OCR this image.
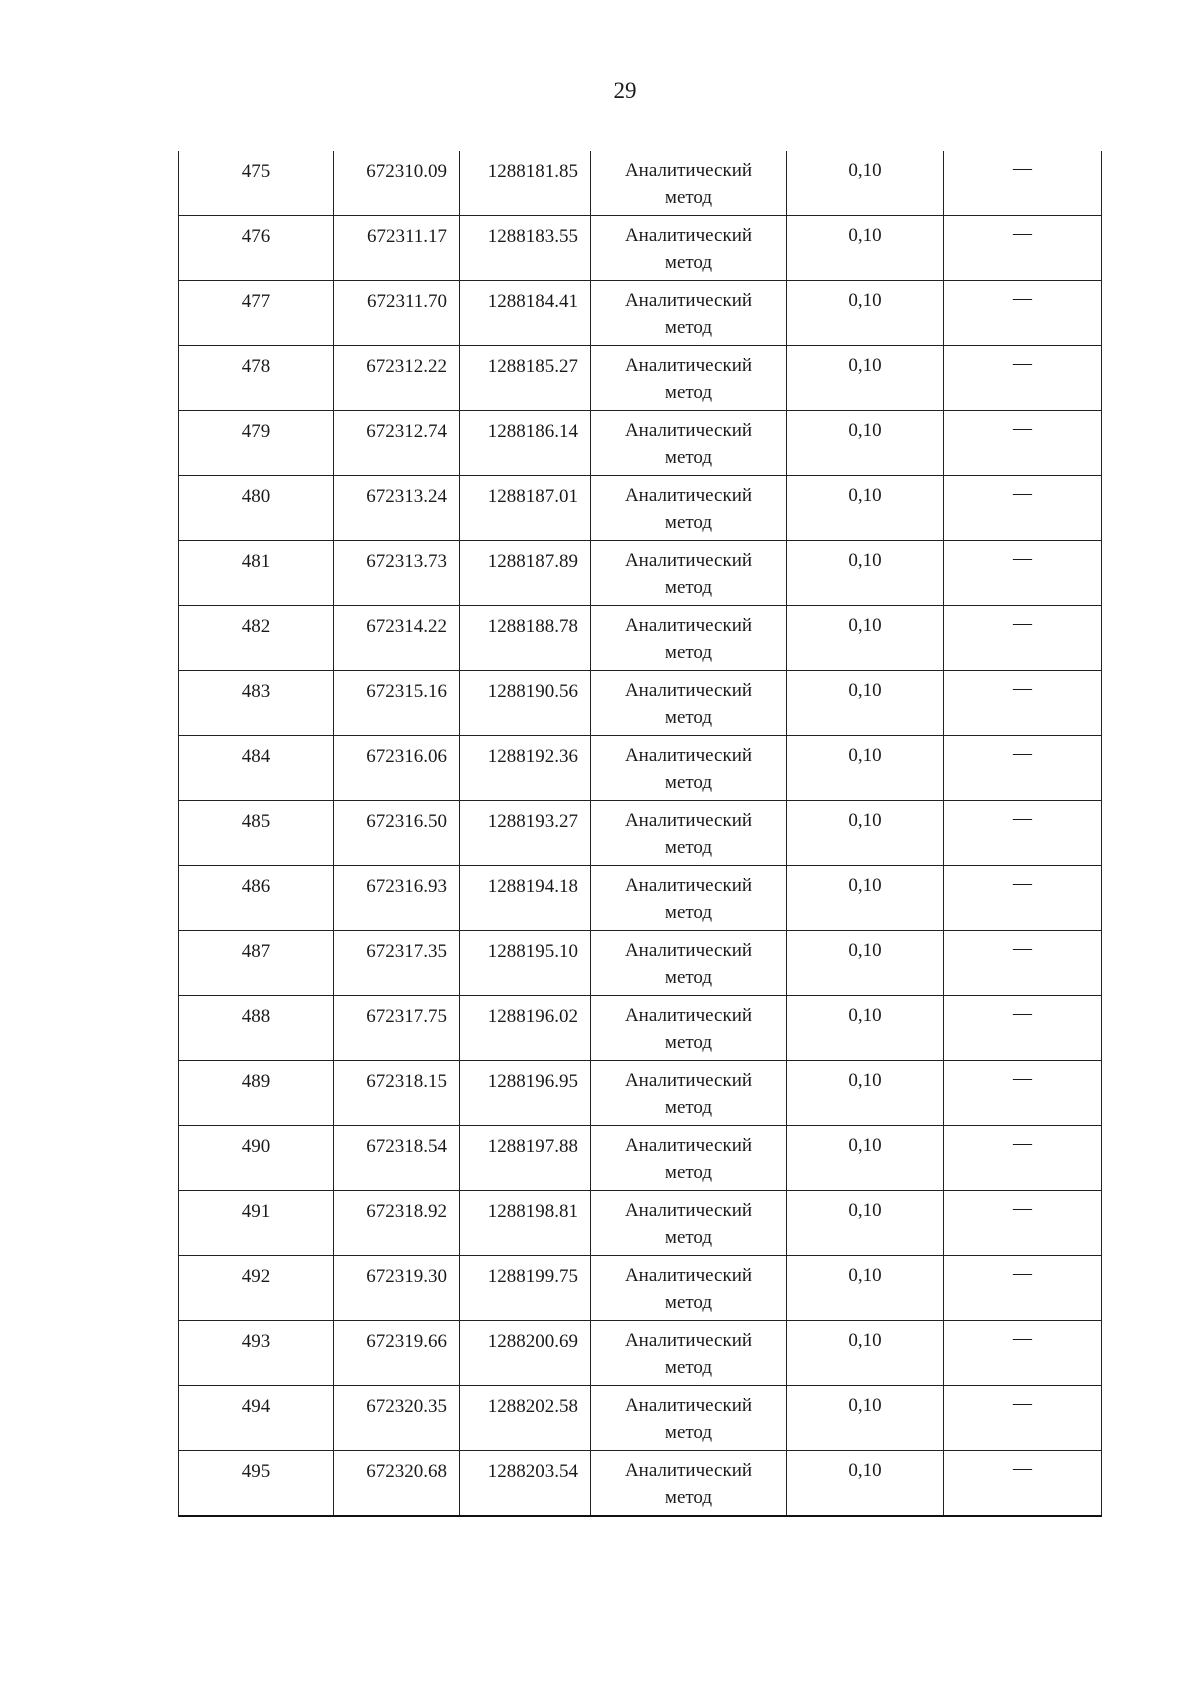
29
475	672310.09	1288181.85	Аналитический
метод	0,10	—

476	672311.17	1288183.55	Аналитический
метод	0,10	—

477	672311.70	1288184.41	Аналитический
метод	0,10	—

478	672312.22	1288185.27	Аналитический
метод	0,10	—

479	672312.74	1288186.14	Аналитический
метод	0,10	—

480	672313.24	1288187.01	Аналитический
метод	0,10	—

481	672313.73	1288187.89	Аналитический
метод	0,10	—

482	672314.22	1288188.78	Аналитический
метод	0,10	—

483	672315.16	1288190.56	Аналитический
метод	0,10	—

484	672316.06	1288192.36	Аналитический
метод	0,10	—

485	672316.50	1288193.27	Аналитический
метод	0,10	—

486	672316.93	1288194.18	Аналитический
метод	0,10	—

487	672317.35	1288195.10	Аналитический
метод	0,10	—

488	672317.75	1288196.02	Аналитический
метод	0,10	—

489	672318.15	1288196.95	Аналитический
метод	0,10	—

490	672318.54	1288197.88	Аналитический
метод	0,10	—

491	672318.92	1288198.81	Аналитический
метод	0,10	—

492	672319.30	1288199.75	Аналитический
метод	0,10	—

493	672319.66	1288200.69	Аналитический
метод	0,10	—

494	672320.35	1288202.58	Аналитический
метод	0,10	—

495	672320.68	1288203.54	Аналитический
метод	0,10	—
